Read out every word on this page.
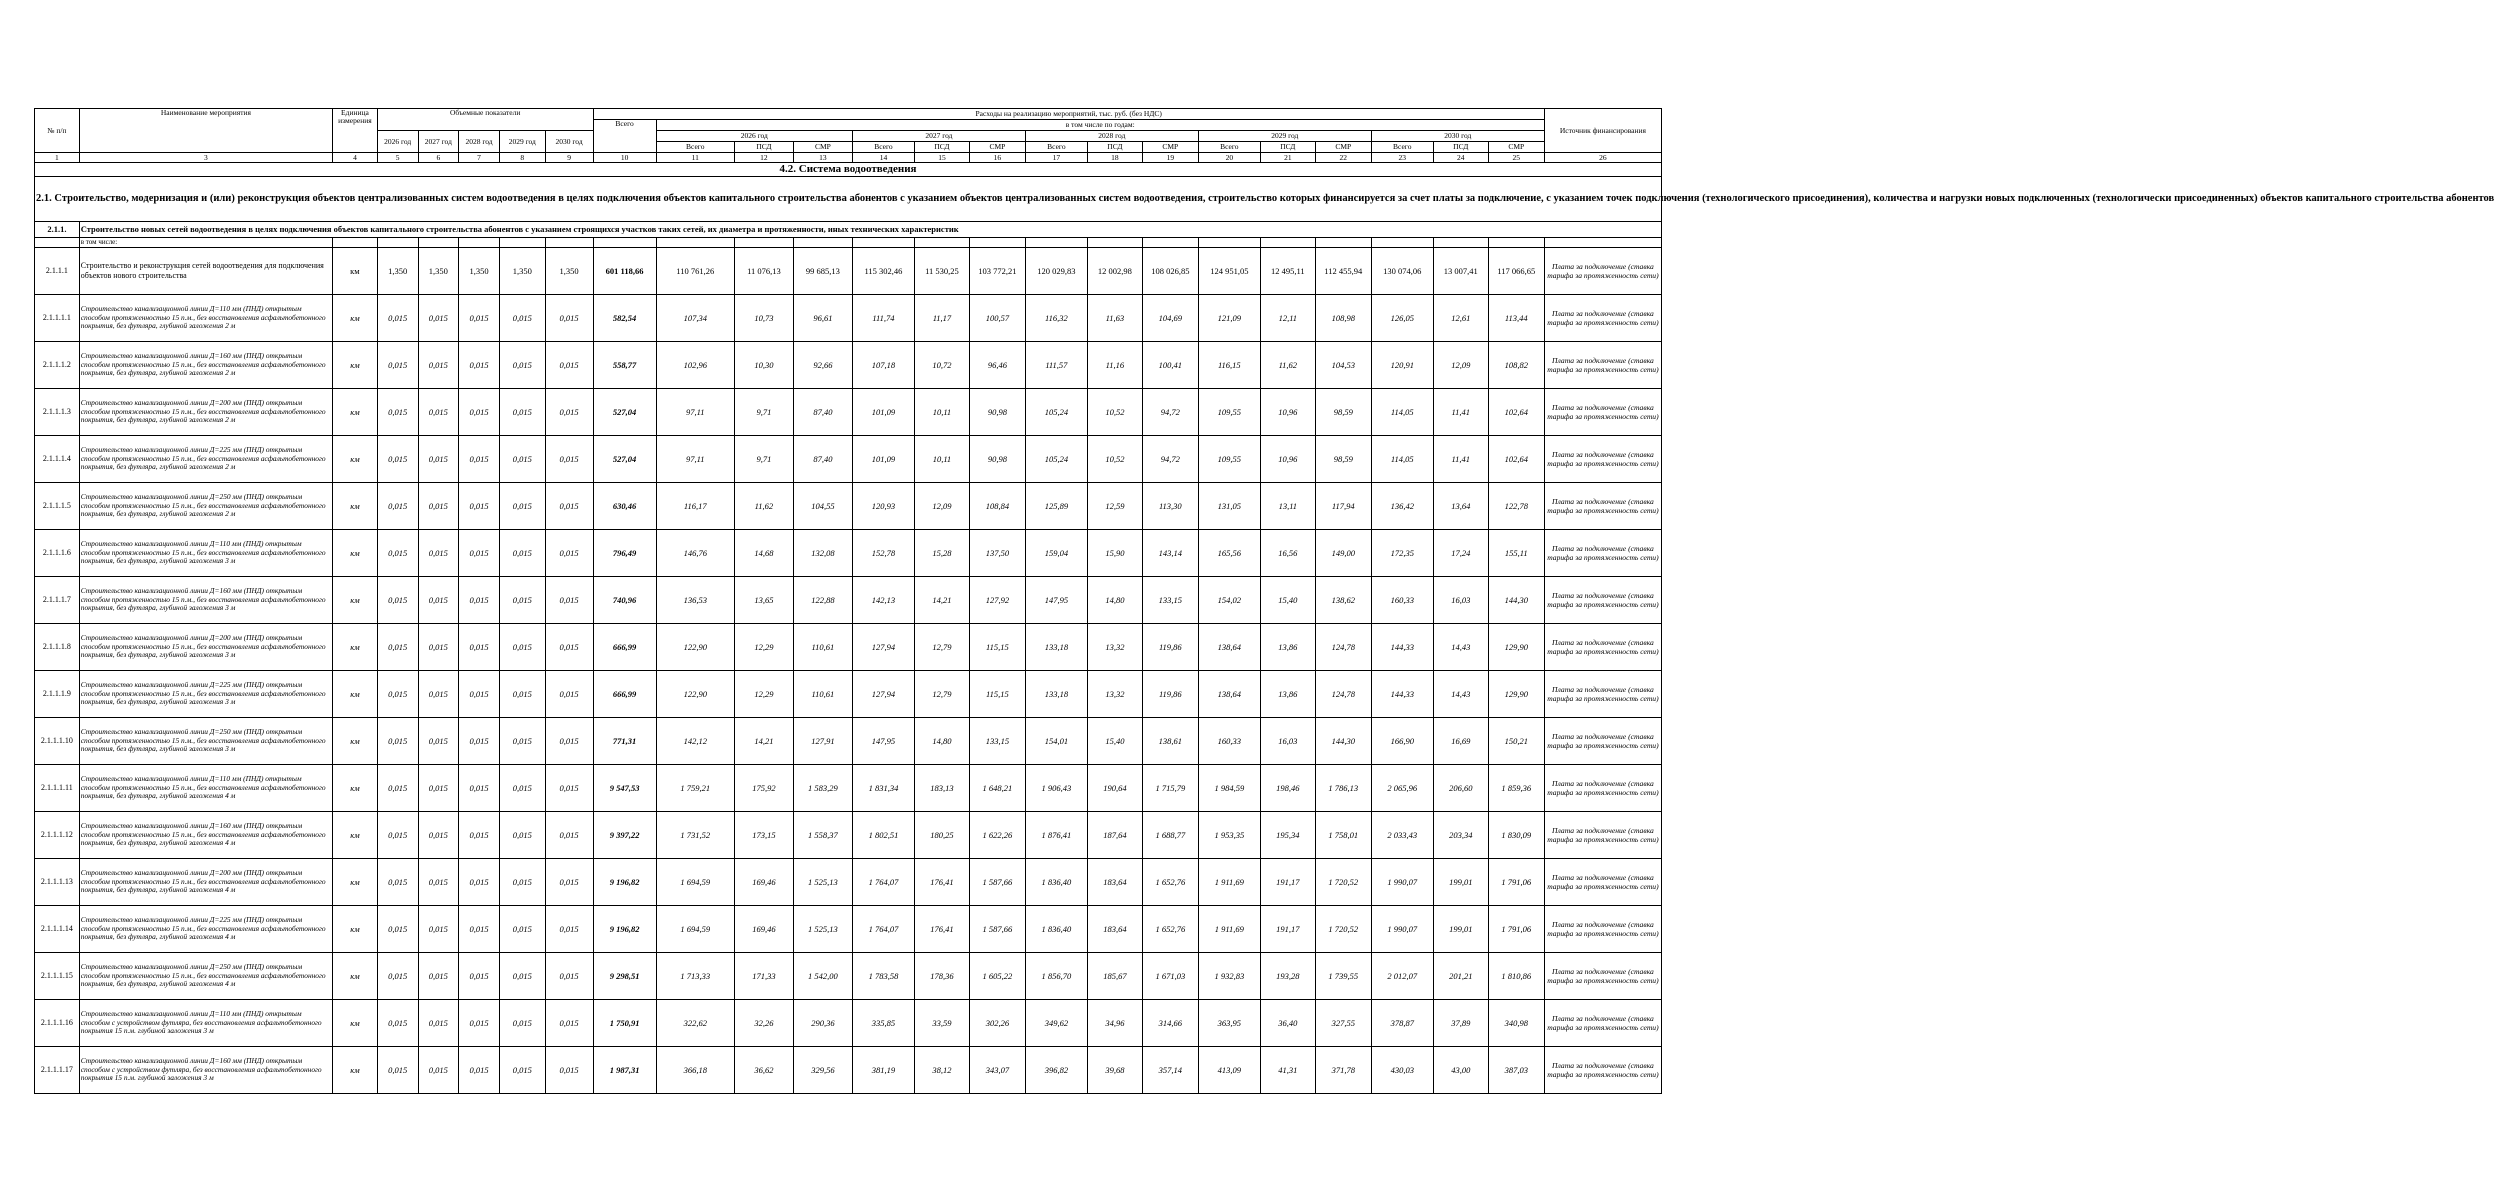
№ п/п	Наименование мероприятия	Единица измерения	Объемные показатели					Расходы на реализацию мероприятий, тыс. руб. (без НДС)																Источник финансирования
								Всего	в том числе по годам:															
			2026 год	2027 год	2028 год	2029 год	2030 год		2026 год			2027 год			2028 год			2029 год			2030 год			
									Всего	ПСД	СМР	Всего	ПСД	СМР	Всего	ПСД	СМР	Всего	ПСД	СМР	Всего	ПСД	СМР	
1	3	4	5	6	7	8	9	10	11	12	13	14	15	16	17	18	19	20	21	22	23	24	25	26
4.2. Система водоотведения																								
2.1. Строительство, модернизация и (или) реконструкция объектов централизованных систем водоотведения в целях подключения объектов капитального строительства абонентов с указанием объектов централизованных систем водоотведения, строительство которых финансируется за счет платы за подключение, с указанием точек подключения (технологического присоединения), количества и нагрузки новых подключенных (технологически присоединенных) объектов капитального строительства абонентов																								
2.1.1.	Строительство новых сетей водоотведения в целях подключения объектов капитального строительства абонентов с указанием строящихся участков таких сетей, их диаметра и протяженности, иных технических характеристик																							
	в том числе:																							
2.1.1.1	Строительство и реконструкция сетей водоотведения для подключения объектов нового строительства	км	1,350	1,350	1,350	1,350	1,350	601 118,66	110 761,26	11 076,13	99 685,13	115 302,46	11 530,25	103 772,21	120 029,83	12 002,98	108 026,85	124 951,05	12 495,11	112 455,94	130 074,06	13 007,41	117 066,65	Плата за подключение (ставка тарифа за протяженность сети)
2.1.1.1.1	Строительство канализационной линии Д=110 мм (ПНД) открытым способом протяженностью 15 п.м., без восстановления асфальтобетонного покрытия, без футляра, глубиной заложения 2 м	км	0,015	0,015	0,015	0,015	0,015	582,54	107,34	10,73	96,61	111,74	11,17	100,57	116,32	11,63	104,69	121,09	12,11	108,98	126,05	12,61	113,44	Плата за подключение (ставка тарифа за протяженность сети)
2.1.1.1.2	Строительство канализационной линии Д=160 мм (ПНД) открытым способом протяженностью 15 п.м., без восстановления асфальтобетонного покрытия, без футляра, глубиной заложения 2 м	км	0,015	0,015	0,015	0,015	0,015	558,77	102,96	10,30	92,66	107,18	10,72	96,46	111,57	11,16	100,41	116,15	11,62	104,53	120,91	12,09	108,82	Плата за подключение (ставка тарифа за протяженность сети)
2.1.1.1.3	Строительство канализационной линии Д=200 мм (ПНД) открытым способом протяженностью 15 п.м., без восстановления асфальтобетонного покрытия, без футляра, глубиной заложения 2 м	км	0,015	0,015	0,015	0,015	0,015	527,04	97,11	9,71	87,40	101,09	10,11	90,98	105,24	10,52	94,72	109,55	10,96	98,59	114,05	11,41	102,64	Плата за подключение (ставка тарифа за протяженность сети)
2.1.1.1.4	Строительство канализационной линии Д=225 мм (ПНД) открытым способом протяженностью 15 п.м., без восстановления асфальтобетонного покрытия, без футляра, глубиной заложения 2 м	км	0,015	0,015	0,015	0,015	0,015	527,04	97,11	9,71	87,40	101,09	10,11	90,98	105,24	10,52	94,72	109,55	10,96	98,59	114,05	11,41	102,64	Плата за подключение (ставка тарифа за протяженность сети)
2.1.1.1.5	Строительство канализационной линии Д=250 мм (ПНД) открытым способом протяженностью 15 п.м., без восстановления асфальтобетонного покрытия, без футляра, глубиной заложения 2 м	км	0,015	0,015	0,015	0,015	0,015	630,46	116,17	11,62	104,55	120,93	12,09	108,84	125,89	12,59	113,30	131,05	13,11	117,94	136,42	13,64	122,78	Плата за подключение (ставка тарифа за протяженность сети)
2.1.1.1.6	Строительство канализационной линии Д=110 мм (ПНД) открытым способом протяженностью 15 п.м., без восстановления асфальтобетонного покрытия, без футляра, глубиной заложения 3 м	км	0,015	0,015	0,015	0,015	0,015	796,49	146,76	14,68	132,08	152,78	15,28	137,50	159,04	15,90	143,14	165,56	16,56	149,00	172,35	17,24	155,11	Плата за подключение (ставка тарифа за протяженность сети)
2.1.1.1.7	Строительство канализационной линии Д=160 мм (ПНД) открытым способом протяженностью 15 п.м., без восстановления асфальтобетонного покрытия, без футляра, глубиной заложения 3 м	км	0,015	0,015	0,015	0,015	0,015	740,96	136,53	13,65	122,88	142,13	14,21	127,92	147,95	14,80	133,15	154,02	15,40	138,62	160,33	16,03	144,30	Плата за подключение (ставка тарифа за протяженность сети)
2.1.1.1.8	Строительство канализационной линии Д=200 мм (ПНД) открытым способом протяженностью 15 п.м., без восстановления асфальтобетонного покрытия, без футляра, глубиной заложения 3 м	км	0,015	0,015	0,015	0,015	0,015	666,99	122,90	12,29	110,61	127,94	12,79	115,15	133,18	13,32	119,86	138,64	13,86	124,78	144,33	14,43	129,90	Плата за подключение (ставка тарифа за протяженность сети)
2.1.1.1.9	Строительство канализационной линии Д=225 мм (ПНД) открытым способом протяженностью 15 п.м., без восстановления асфальтобетонного покрытия, без футляра, глубиной заложения 3 м	км	0,015	0,015	0,015	0,015	0,015	666,99	122,90	12,29	110,61	127,94	12,79	115,15	133,18	13,32	119,86	138,64	13,86	124,78	144,33	14,43	129,90	Плата за подключение (ставка тарифа за протяженность сети)
2.1.1.1.10	Строительство канализационной линии Д=250 мм (ПНД) открытым способом протяженностью 15 п.м., без восстановления асфальтобетонного покрытия, без футляра, глубиной заложения 3 м	км	0,015	0,015	0,015	0,015	0,015	771,31	142,12	14,21	127,91	147,95	14,80	133,15	154,01	15,40	138,61	160,33	16,03	144,30	166,90	16,69	150,21	Плата за подключение (ставка тарифа за протяженность сети)
2.1.1.1.11	Строительство канализационной линии Д=110 мм (ПНД) открытым способом протяженностью 15 п.м., без восстановления асфальтобетонного покрытия, без футляра, глубиной заложения 4 м	км	0,015	0,015	0,015	0,015	0,015	9 547,53	1 759,21	175,92	1 583,29	1 831,34	183,13	1 648,21	1 906,43	190,64	1 715,79	1 984,59	198,46	1 786,13	2 065,96	206,60	1 859,36	Плата за подключение (ставка тарифа за протяженность сети)
2.1.1.1.12	Строительство канализационной линии Д=160 мм (ПНД) открытым способом протяженностью 15 п.м., без восстановления асфальтобетонного покрытия, без футляра, глубиной заложения 4 м	км	0,015	0,015	0,015	0,015	0,015	9 397,22	1 731,52	173,15	1 558,37	1 802,51	180,25	1 622,26	1 876,41	187,64	1 688,77	1 953,35	195,34	1 758,01	2 033,43	203,34	1 830,09	Плата за подключение (ставка тарифа за протяженность сети)
2.1.1.1.13	Строительство канализационной линии Д=200 мм (ПНД) открытым способом протяженностью 15 п.м., без восстановления асфальтобетонного покрытия, без футляра, глубиной заложения 4 м	км	0,015	0,015	0,015	0,015	0,015	9 196,82	1 694,59	169,46	1 525,13	1 764,07	176,41	1 587,66	1 836,40	183,64	1 652,76	1 911,69	191,17	1 720,52	1 990,07	199,01	1 791,06	Плата за подключение (ставка тарифа за протяженность сети)
2.1.1.1.14	Строительство канализационной линии Д=225 мм (ПНД) открытым способом протяженностью 15 п.м., без восстановления асфальтобетонного покрытия, без футляра, глубиной заложения 4 м	км	0,015	0,015	0,015	0,015	0,015	9 196,82	1 694,59	169,46	1 525,13	1 764,07	176,41	1 587,66	1 836,40	183,64	1 652,76	1 911,69	191,17	1 720,52	1 990,07	199,01	1 791,06	Плата за подключение (ставка тарифа за протяженность сети)
2.1.1.1.15	Строительство канализационной линии Д=250 мм (ПНД) открытым способом протяженностью 15 п.м., без восстановления асфальтобетонного покрытия, без футляра, глубиной заложения 4 м	км	0,015	0,015	0,015	0,015	0,015	9 298,51	1 713,33	171,33	1 542,00	1 783,58	178,36	1 605,22	1 856,70	185,67	1 671,03	1 932,83	193,28	1 739,55	2 012,07	201,21	1 810,86	Плата за подключение (ставка тарифа за протяженность сети)
2.1.1.1.16	Строительство канализационной линии Д=110 мм (ПНД) открытым способом с устройством футляра, без восстановления асфальтобетонного покрытия 15 п.м. глубиной заложения 3 м	км	0,015	0,015	0,015	0,015	0,015	1 750,91	322,62	32,26	290,36	335,85	33,59	302,26	349,62	34,96	314,66	363,95	36,40	327,55	378,87	37,89	340,98	Плата за подключение (ставка тарифа за протяженность сети)
2.1.1.1.17	Строительство канализационной линии Д=160 мм (ПНД) открытым способом с устройством футляра, без восстановления асфальтобетонного покрытия 15 п.м. глубиной заложения 3 м	км	0,015	0,015	0,015	0,015	0,015	1 987,31	366,18	36,62	329,56	381,19	38,12	343,07	396,82	39,68	357,14	413,09	41,31	371,78	430,03	43,00	387,03	Плата за подключение (ставка тарифа за протяженность сети)
